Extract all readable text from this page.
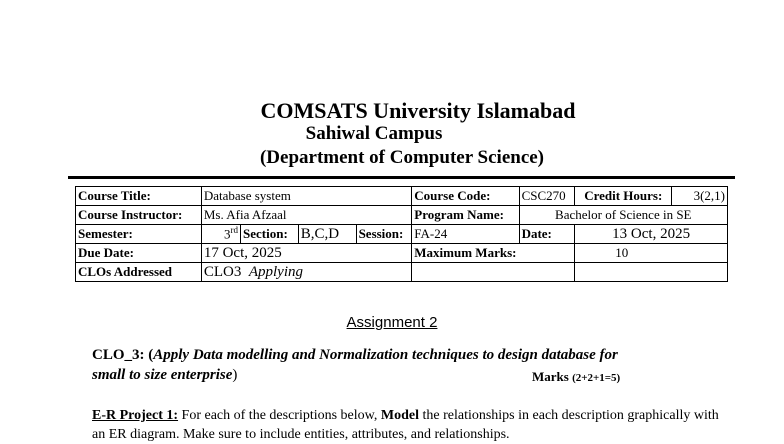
COMSATS University Islamabad
Sahiwal Campus
(Department of Computer Science)
Course Title:	Database system				Course Code:	CSC270	Credit Hours:	3(2,1)
Course Instructor:	Ms. Afia Afzaal				Program Name:	Bachelor of Science in SE		
Semester:	3rd	Section:	B,C,D	Session:	FA-24	Date:	13 Oct, 2025	
Due Date:	17 Oct, 2025				Maximum Marks:		10	
CLOs Addressed	CLO3 Applying							
Assignment 2
CLO_3: (Apply Data modelling and Normalization techniques to design database for
small to size enterprise)	Marks (2+2+1=5)
E-R Project 1: For each of the descriptions below, Model the relationships in each description graphically with an ER diagram. Make sure to include entities, attributes, and relationships.
